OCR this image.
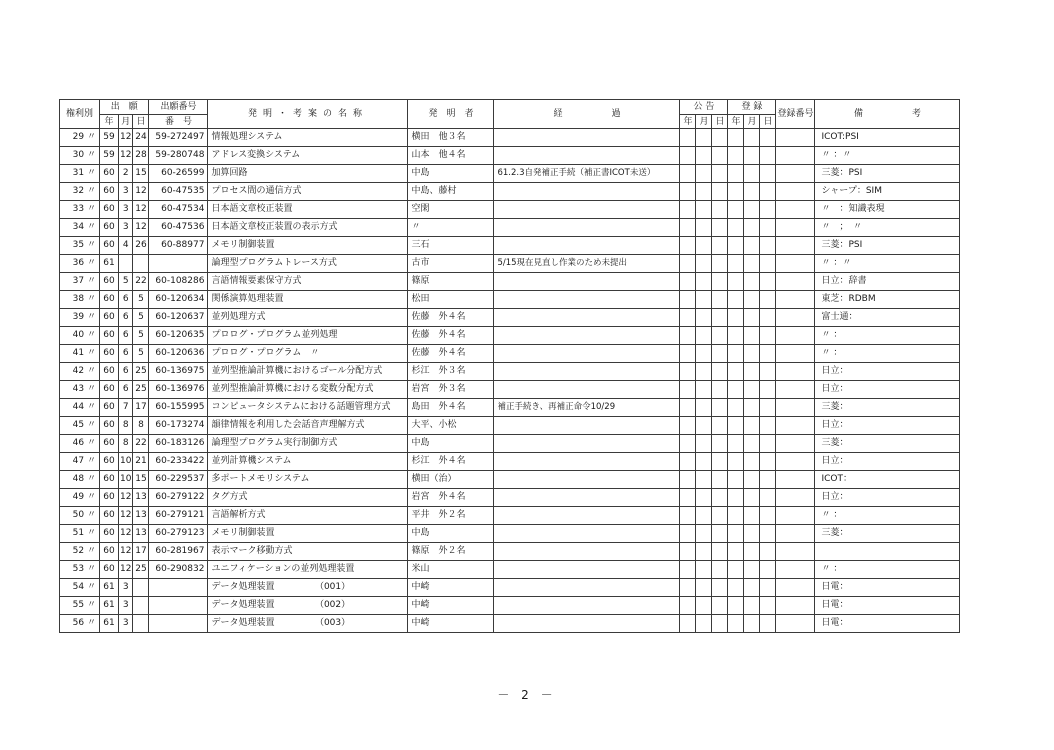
権利別	出　願			出願番号	発明・考案の名称	発　明　者	経 過	公 告			登 録			登録番号	備 考
	年	月	日	番　号				年	月	日	年	月	日		
29 〃	59	12	24	59-272497	情報処理システム	横田　他３名									ICOT:PSI
30 〃	59	12	28	59-280748	アドレス変換システム	山本　他４名									〃 ：〃
31 〃	60	2	15	60-26599	加算回路	中島	61.2.3自発補正手続（補正書ICOT未送）								三菱：PSI
32 〃	60	3	12	60-47535	プロセス間の通信方式	中島、藤村									シャープ：SIM
33 〃	60	3	12	60-47534	日本語文章校正装置	空閑									〃　：知識表現
34 〃	60	3	12	60-47536	日本語文章校正装置の表示方式	〃									〃　；　〃
35 〃	60	4	26	60-88977	メモリ制御装置	三石									三菱：PSI
36 〃	61				論理型プログラムトレース方式	古市	5/15現在見直し作業のため未提出								〃 ：〃
37 〃	60	5	22	60-108286	言語情報要素保守方式	篠原									日立：辞書
38 〃	60	6	5	60-120634	関係演算処理装置	松田									東芝：RDBM
39 〃	60	6	5	60-120637	並列処理方式	佐藤　外４名									富士通：
40 〃	60	6	5	60-120635	プロログ・プログラム並列処理	佐藤　外４名									〃 ：
41 〃	60	6	5	60-120636	プロログ・プログラム　〃	佐藤　外４名									〃 ：
42 〃	60	6	25	60-136975	並列型推論計算機におけるゴール分配方式	杉江　外３名									日立：
43 〃	60	6	25	60-136976	並列型推論計算機における変数分配方式	岩宮　外３名									日立：
44 〃	60	7	17	60-155995	コンピュータシステムにおける話題管理方式	島田　外４名	補正手続き、再補正命令10/29								三菱：
45 〃	60	8	8	60-173274	韻律情報を利用した会話音声理解方式	大平、小松									日立：
46 〃	60	8	22	60-183126	論理型プログラム実行制御方式	中島									三菱：
47 〃	60	10	21	60-233422	並列計算機システム	杉江　外４名									日立：
48 〃	60	10	15	60-229537	多ポートメモリシステム	横田（治）									ICOT：
49 〃	60	12	13	60-279122	タグ方式	岩宮　外４名									日立：
50 〃	60	12	13	60-279121	言語解析方式	平井　外２名									〃 ：
51 〃	60	12	13	60-279123	メモリ制御装置	中島									三菱：
52 〃	60	12	17	60-281967	表示マーク移動方式	篠原　外２名									
53 〃	60	12	25	60-290832	ユニフィケーションの並列処理装置	米山									〃 ：
54 〃	61	3			データ処理装置　　　　　（001）	中崎									日電：
55 〃	61	3			データ処理装置　　　　　（002）	中崎									日電：
56 〃	61	3			データ処理装置　　　　　（003）	中崎									日電：
－ 2 －
